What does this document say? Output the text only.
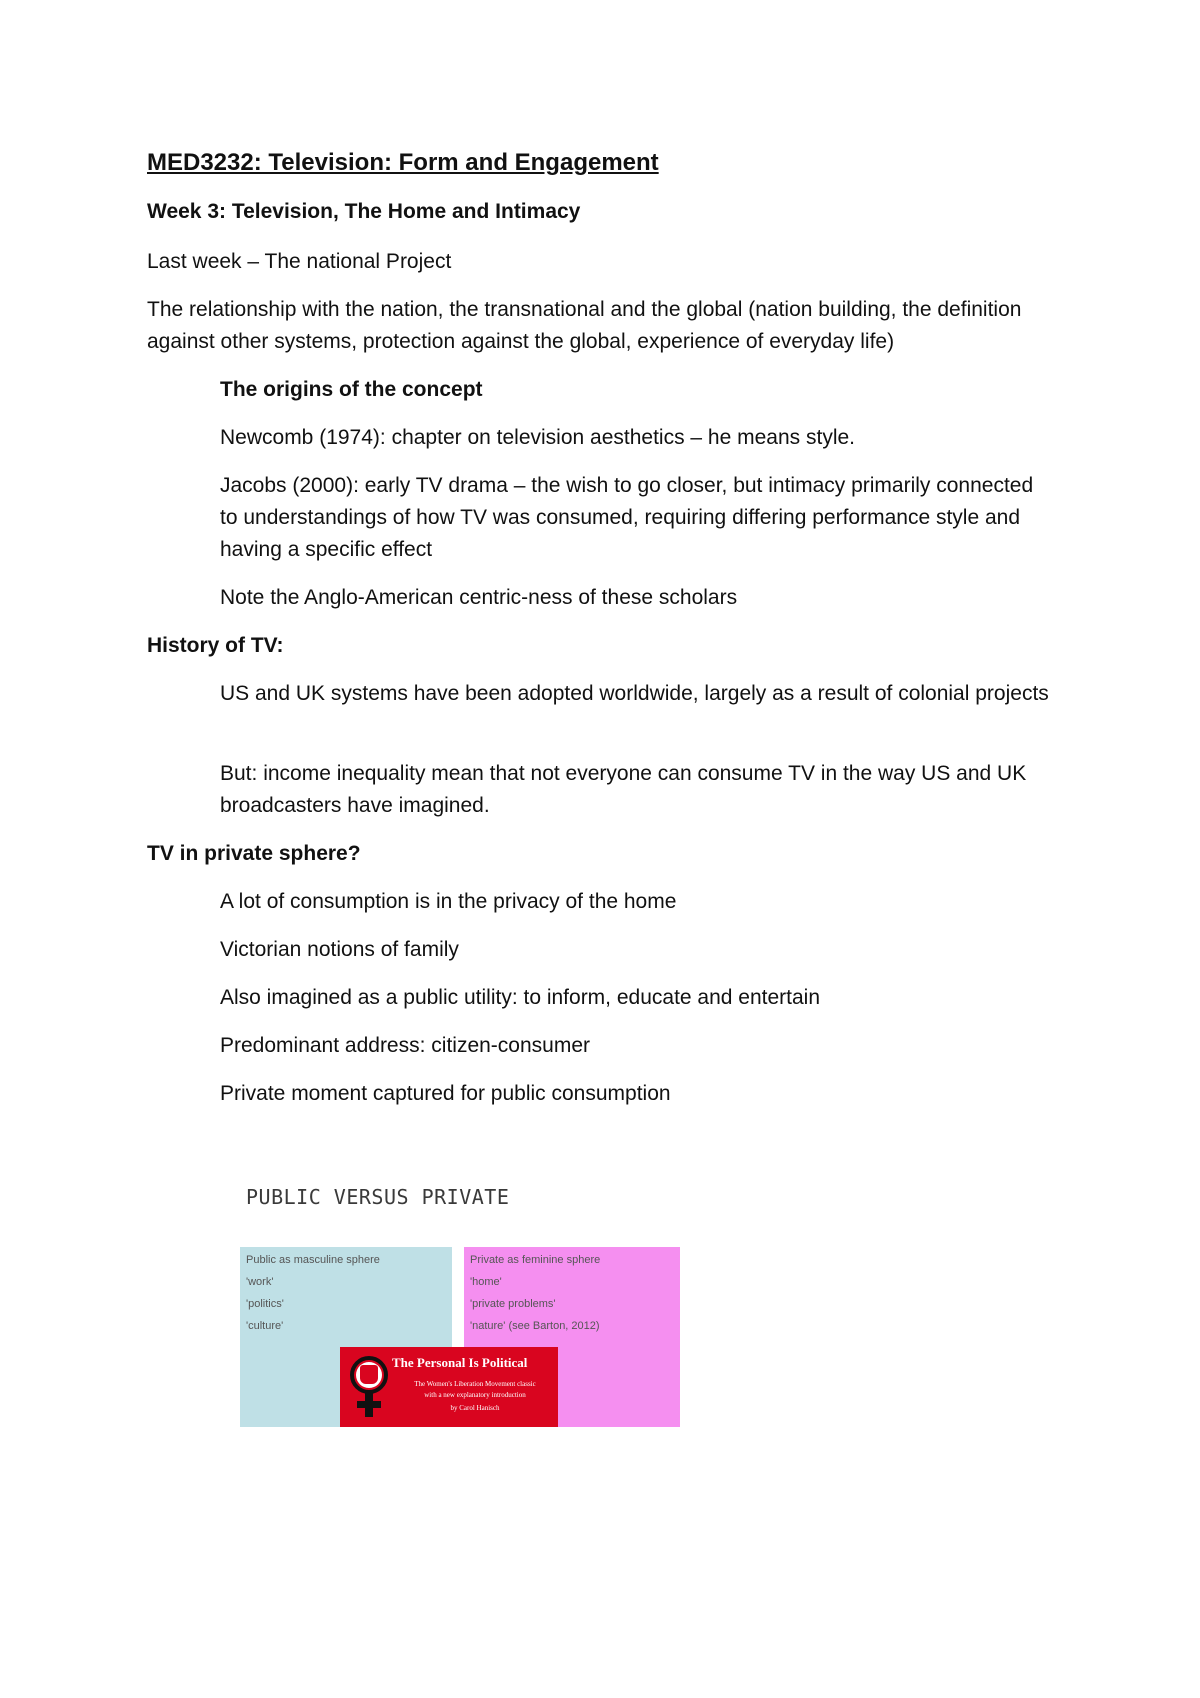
MED3232: Television: Form and Engagement

Week 3: Television, The Home and Intimacy

Last week – The national Project

The relationship with the nation, the transnational and the global (nation building, the definition against other systems, protection against the global, experience of everyday life)

The origins of the concept

Newcomb (1974): chapter on television aesthetics – he means style.

Jacobs (2000): early TV drama – the wish to go closer, but intimacy primarily connected to understandings of how TV was consumed, requiring differing performance style and having a specific effect

Note the Anglo-American centric-ness of these scholars

History of TV:

US and UK systems have been adopted worldwide, largely as a result of colonial projects

But: income inequality mean that not everyone can consume TV in the way US and UK broadcasters have imagined.

TV in private sphere?

A lot of consumption is in the privacy of the home

Victorian notions of family

Also imagined as a public utility: to inform, educate and entertain

Predominant address: citizen-consumer

Private moment captured for public consumption

PUBLIC VERSUS PRIVATE

Public as masculine sphere
'work'
'politics'
'culture'
Private as feminine sphere
'home'
'private problems'
'nature' (see Barton, 2012)

The Personal Is Political

The Women's Liberation Movement classic
with a new explanatory introduction
by Carol Hanisch
